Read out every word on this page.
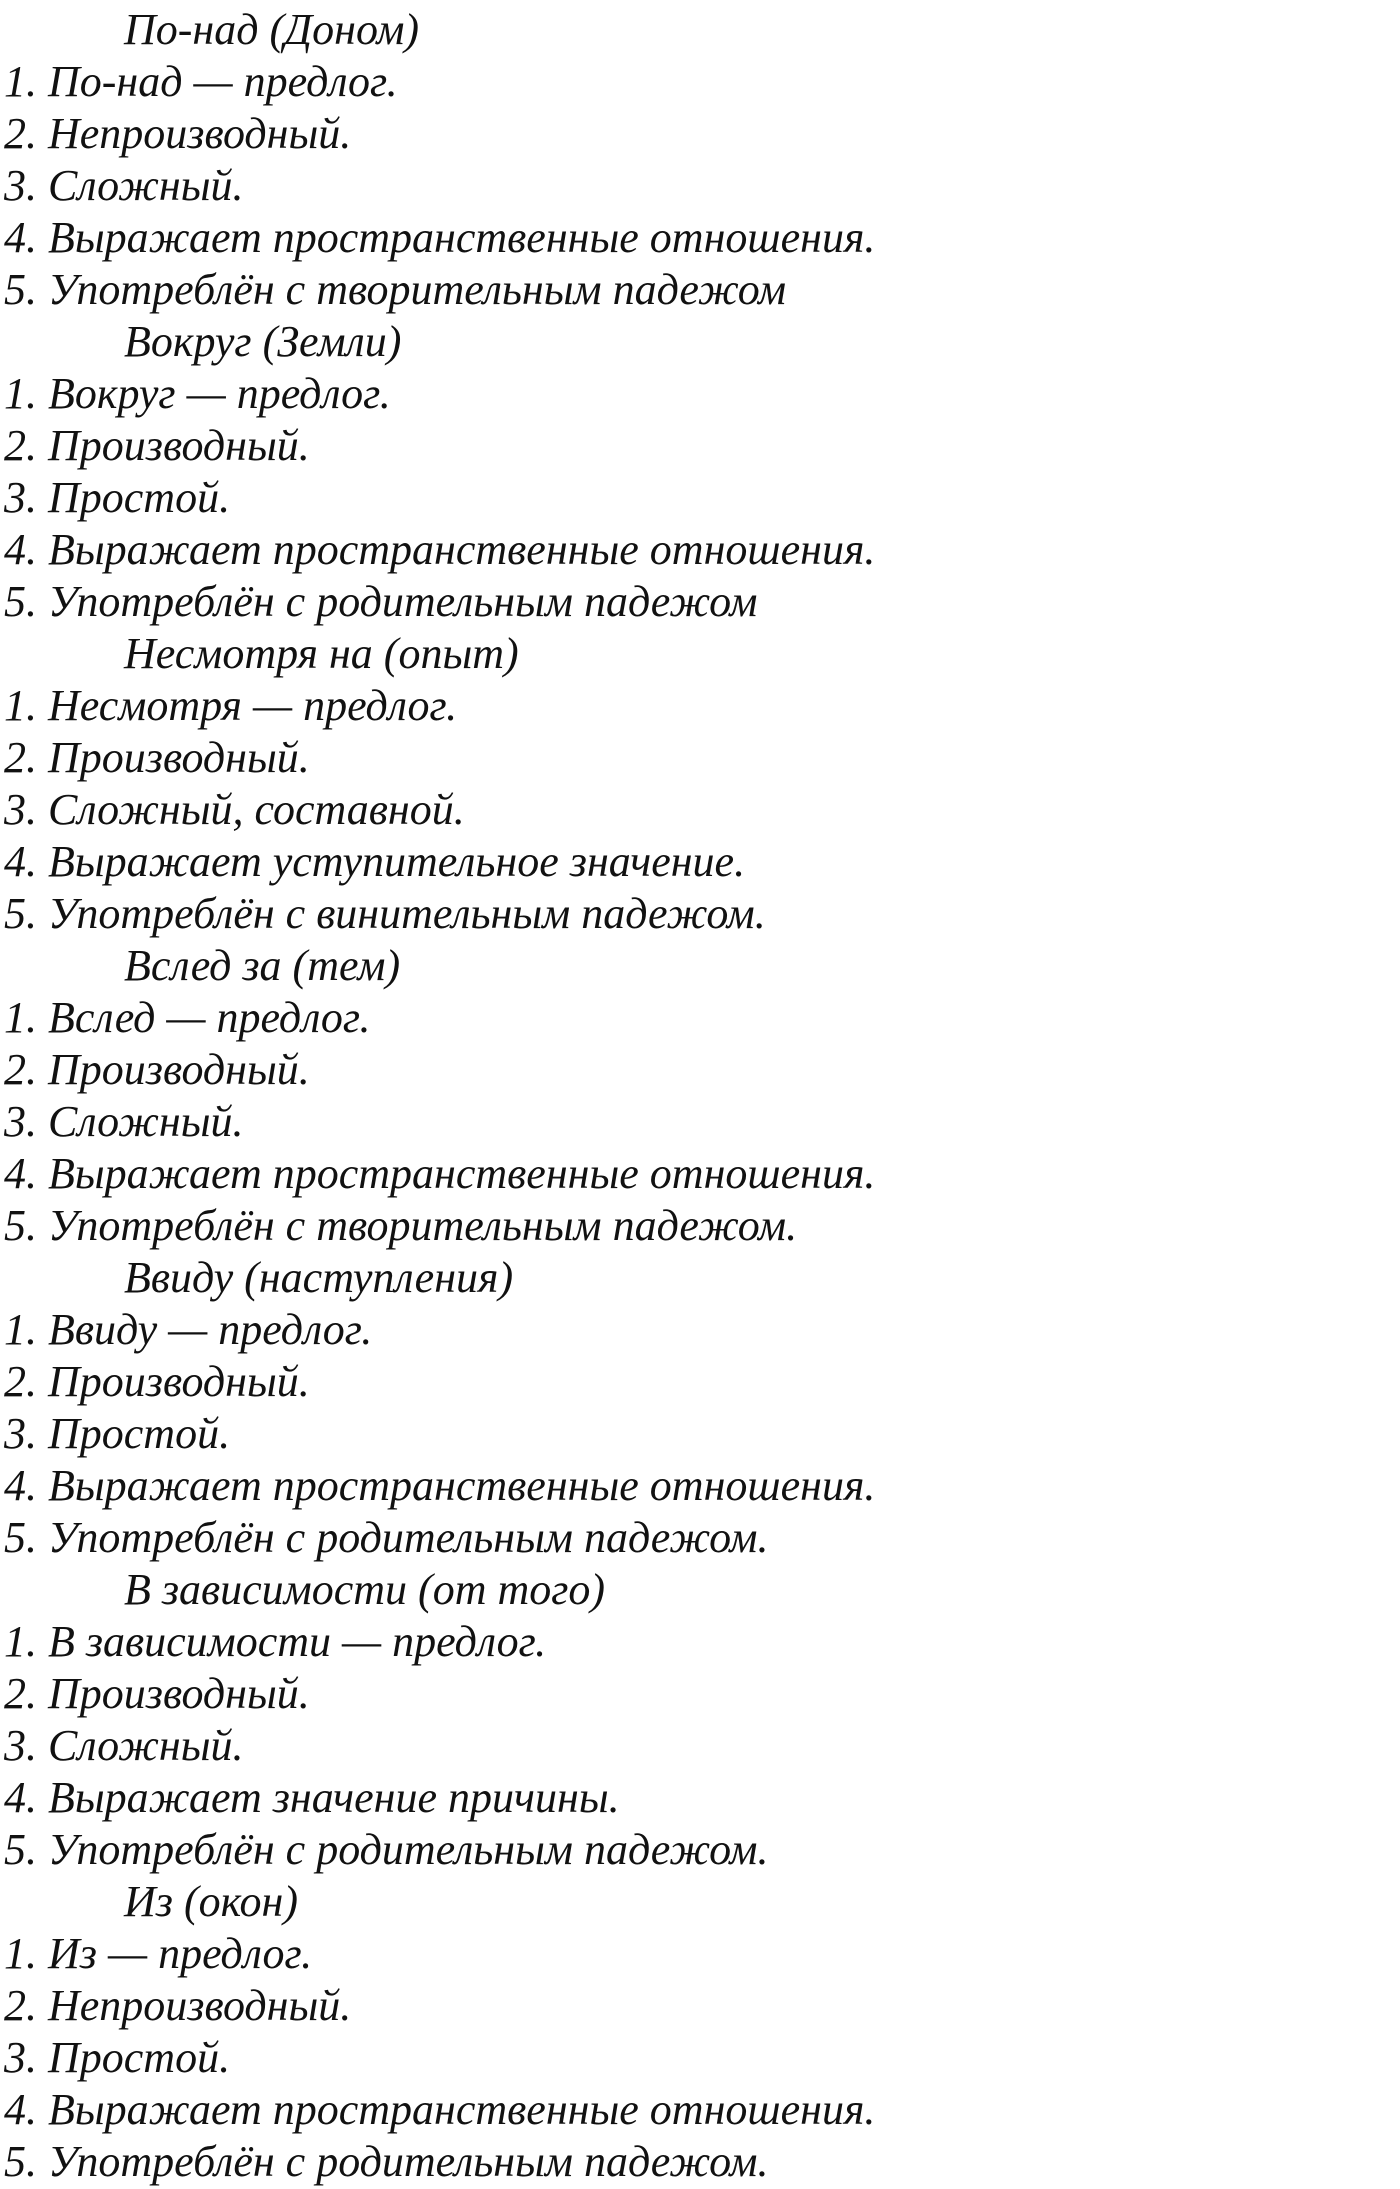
По-над (Доном)
1. По-над — предлог.
2. Непроизводный.
3. Сложный.
4. Выражает пространственные отношения.
5. Употреблён с творительным падежом
Вокруг (Земли)
1. Вокруг — предлог.
2. Производный.
3. Простой.
4. Выражает пространственные отношения.
5. Употреблён с родительным падежом
Несмотря на (опыт)
1. Несмотря — предлог.
2. Производный.
3. Сложный, составной.
4. Выражает уступительное значение.
5. Употреблён с винительным падежом.
Вслед за (тем)
1. Вслед — предлог.
2. Производный.
3. Сложный.
4. Выражает пространственные отношения.
5. Употреблён с творительным падежом.
Ввиду (наступления)
1. Ввиду — предлог.
2. Производный.
3. Простой.
4. Выражает пространственные отношения.
5. Употреблён с родительным падежом.
В зависимости (от того)
1. В зависимости — предлог.
2. Производный.
3. Сложный.
4. Выражает значение причины.
5. Употреблён с родительным падежом.
Из (окон)
1. Из — предлог.
2. Непроизводный.
3. Простой.
4. Выражает пространственные отношения.
5. Употреблён с родительным падежом.
